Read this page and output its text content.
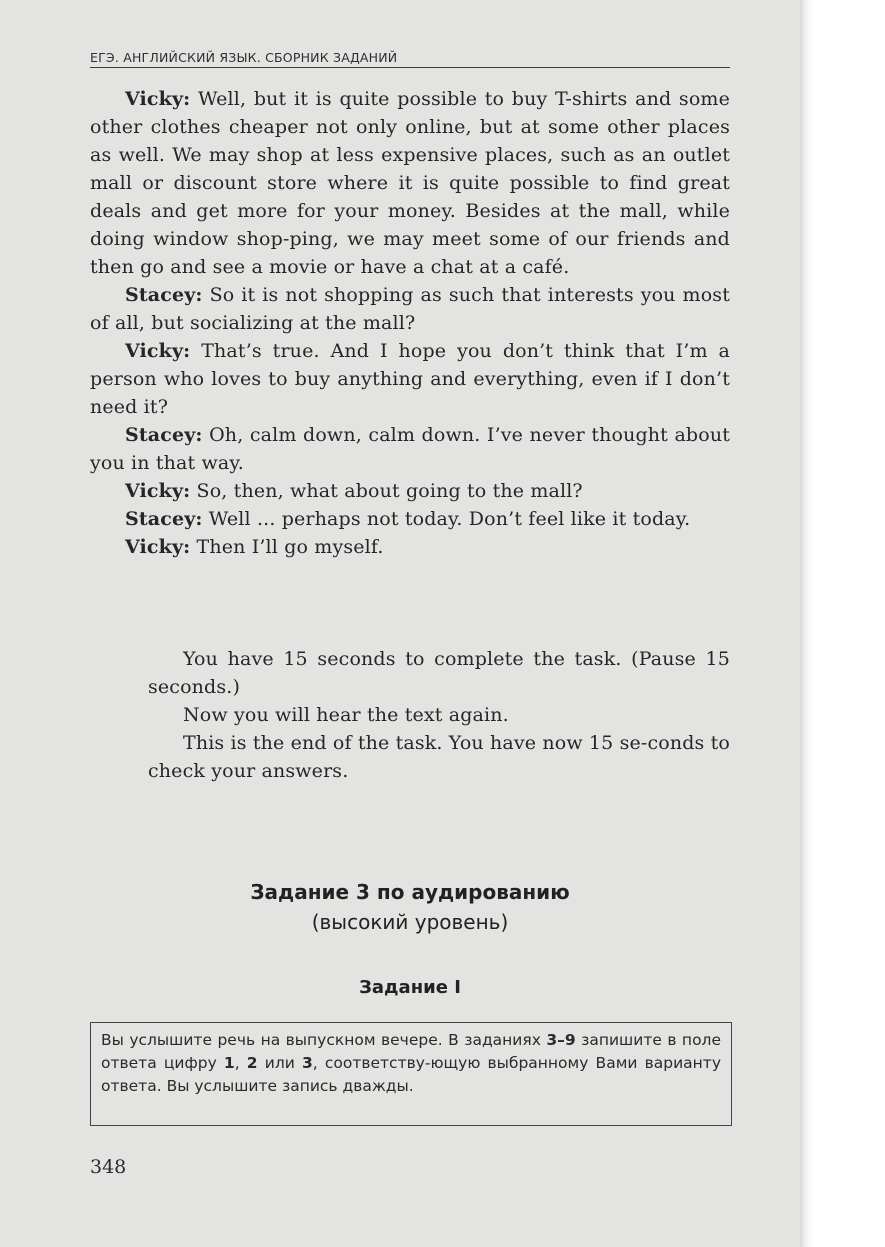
ЕГЭ. АНГЛИЙСКИЙ ЯЗЫК. СБОРНИК ЗАДАНИЙ

Vicky: Well, but it is quite possible to buy T-shirts and some other clothes cheaper not only online, but at some other places as well. We may shop at less expensive places, such as an outlet mall or discount store where it is quite possible to find great deals and get more for your money. Besides at the mall, while doing window shop-ping, we may meet some of our friends and then go and see a movie or have a chat at a café.

Stacey: So it is not shopping as such that interests you most of all, but socializing at the mall?

Vicky: That’s true. And I hope you don’t think that I’m a person who loves to buy anything and everything, even if I don’t need it?

Stacey: Oh, calm down, calm down. I’ve never thought about you in that way.

Vicky: So, then, what about going to the mall?

Stacey: Well ... perhaps not today. Don’t feel like it today.

Vicky: Then I’ll go myself.

You have 15 seconds to complete the task. (Pause 15 seconds.)

Now you will hear the text again.

This is the end of the task. You have now 15 se-conds to check your answers.

Задание 3 по аудированию
(высокий уровень)
Задание I
Вы услышите речь на выпускном вечере. В заданиях 3–9 запишите в поле ответа цифру 1, 2 или 3, соответству-ющую выбранному Вами варианту ответа. Вы услышите запись дважды.
348
